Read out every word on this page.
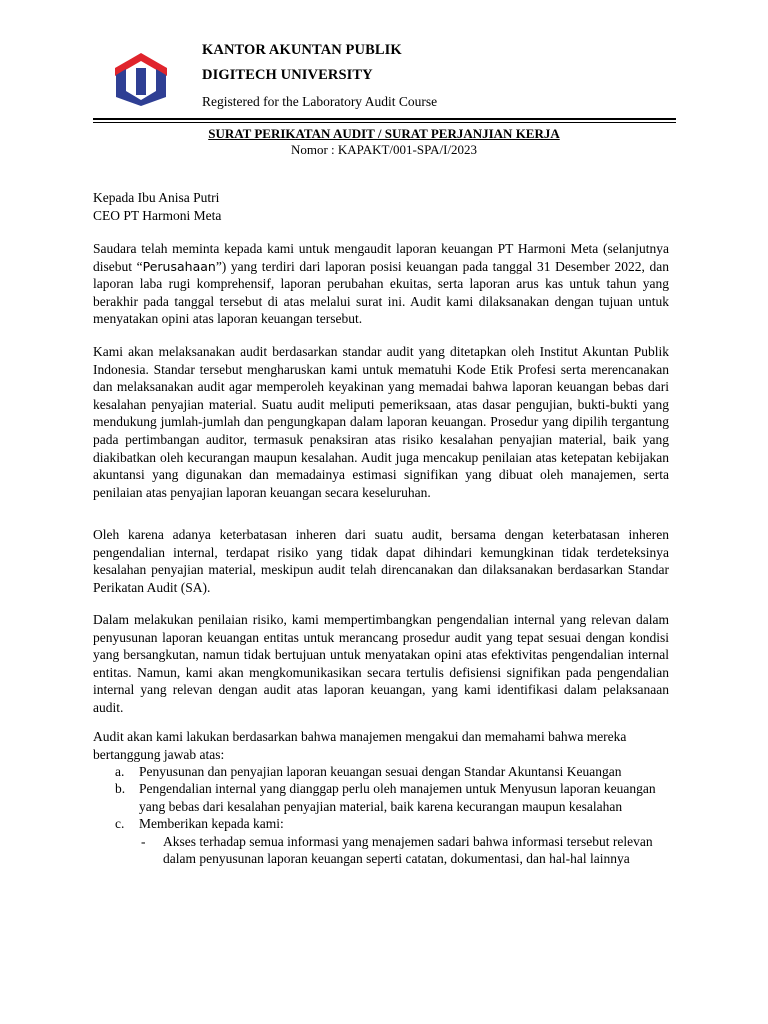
KANTOR AKUNTAN PUBLIK
DIGITECH UNIVERSITY
Registered for the Laboratory Audit Course
SURAT PERIKATAN AUDIT / SURAT PERJANJIAN KERJA
Nomor : KAPAKT/001-SPA/I/2023
Kepada Ibu Anisa Putri
CEO PT Harmoni Meta

Saudara telah meminta kepada kami untuk mengaudit laporan keuangan PT Harmoni Meta (selanjutnya disebut “Perusahaan”) yang terdiri dari laporan posisi keuangan pada tanggal 31 Desember 2022, dan laporan laba rugi komprehensif, laporan perubahan ekuitas, serta laporan arus kas untuk tahun yang berakhir pada tanggal tersebut di atas melalui surat ini. Audit kami dilaksanakan dengan tujuan untuk menyatakan opini atas laporan keuangan tersebut.

Kami akan melaksanakan audit berdasarkan standar audit yang ditetapkan oleh Institut Akuntan Publik Indonesia. Standar tersebut mengharuskan kami untuk mematuhi Kode Etik Profesi serta merencanakan dan melaksanakan audit agar memperoleh keyakinan yang memadai bahwa laporan keuangan bebas dari kesalahan penyajian material. Suatu audit meliputi pemeriksaan, atas dasar pengujian, bukti-bukti yang mendukung jumlah-jumlah dan pengungkapan dalam laporan keuangan. Prosedur yang dipilih tergantung pada pertimbangan auditor, termasuk penaksiran atas risiko kesalahan penyajian material, baik yang diakibatkan oleh kecurangan maupun kesalahan. Audit juga mencakup penilaian atas ketepatan kebijakan akuntansi yang digunakan dan memadainya estimasi signifikan yang dibuat oleh manajemen, serta penilaian atas penyajian laporan keuangan secara keseluruhan.

Oleh karena adanya keterbatasan inheren dari suatu audit, bersama dengan keterbatasan inheren pengendalian internal, terdapat risiko yang tidak dapat dihindari kemungkinan tidak terdeteksinya kesalahan penyajian material, meskipun audit telah direncanakan dan dilaksanakan berdasarkan Standar Perikatan Audit (SA).

Dalam melakukan penilaian risiko, kami mempertimbangkan pengendalian internal yang relevan dalam penyusunan laporan keuangan entitas untuk merancang prosedur audit yang tepat sesuai dengan kondisi yang bersangkutan, namun tidak bertujuan untuk menyatakan opini atas efektivitas pengendalian internal entitas. Namun, kami akan mengkomunikasikan secara tertulis defisiensi signifikan pada pengendalian internal yang relevan dengan audit atas laporan keuangan, yang kami identifikasi dalam pelaksanaan audit.

Audit akan kami lakukan berdasarkan bahwa manajemen mengakui dan memahami bahwa mereka bertanggung jawab atas:

a. Penyusunan dan penyajian laporan keuangan sesuai dengan Standar Akuntansi Keuangan
b. Pengendalian internal yang dianggap perlu oleh manajemen untuk Menyusun laporan keuangan yang bebas dari kesalahan penyajian material, baik karena kecurangan maupun kesalahan
c. Memberikan kepada kami:
- Akses terhadap semua informasi yang menajemen sadari bahwa informasi tersebut relevan dalam penyusunan laporan keuangan seperti catatan, dokumentasi, dan hal-hal lainnya
